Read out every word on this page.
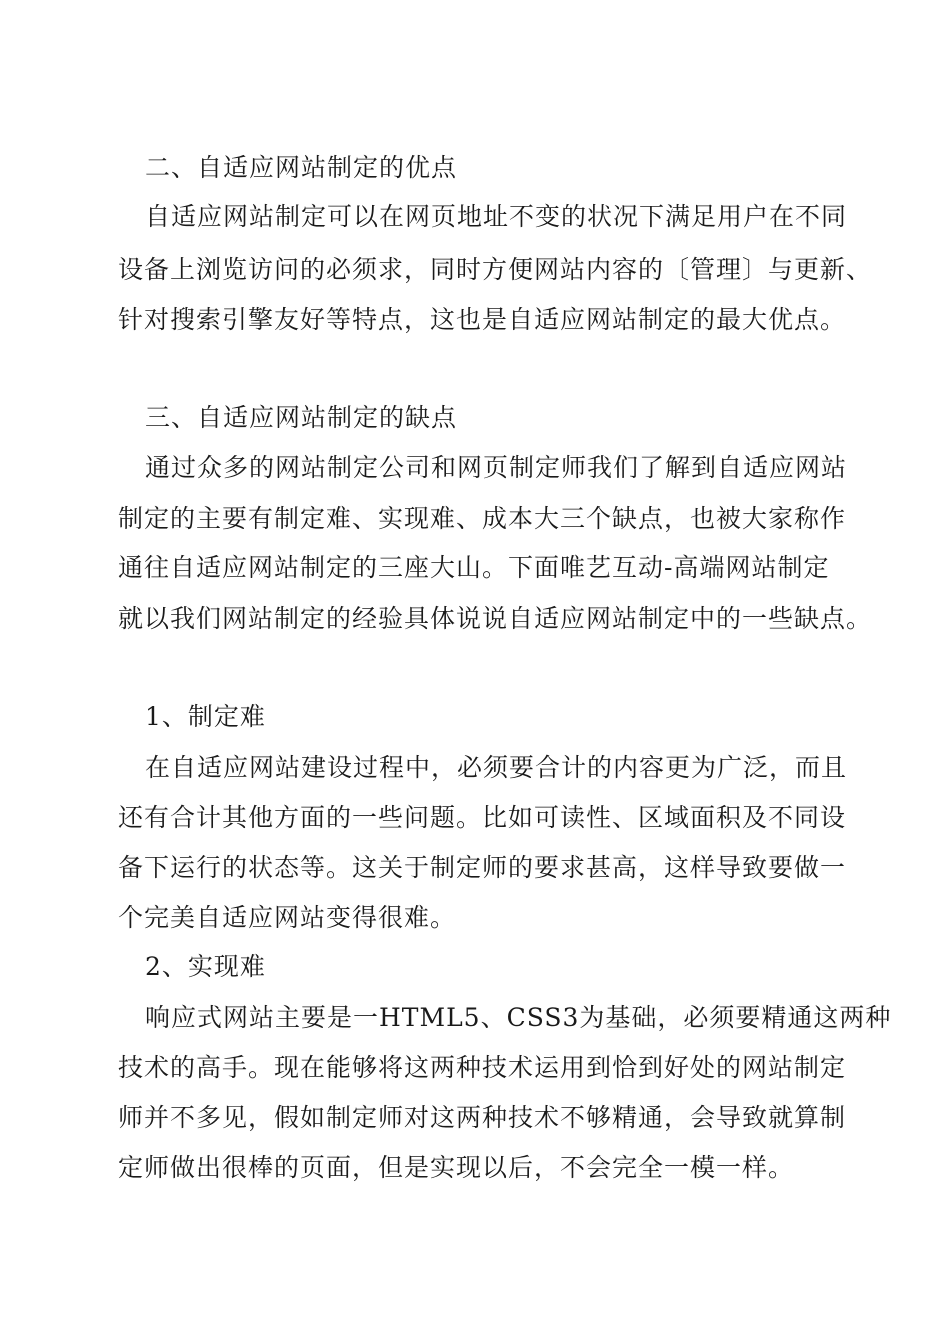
二、自适应网站制定的优点
自适应网站制定可以在网页地址不变的状况下满足用户在不同
设备上浏览访问的必须求，同时方便网站内容的〔管理〕与更新、
针对搜索引擎友好等特点，这也是自适应网站制定的最大优点。
三、自适应网站制定的缺点
通过众多的网站制定公司和网页制定师我们了解到自适应网站
制定的主要有制定难、实现难、成本大三个缺点，也被大家称作
通往自适应网站制定的三座大山。下面唯艺互动-高端网站制定
就以我们网站制定的经验具体说说自适应网站制定中的一些缺点。
1、制定难
在自适应网站建设过程中，必须要合计的内容更为广泛，而且
还有合计其他方面的一些问题。比如可读性、区域面积及不同设
备下运行的状态等。这关于制定师的要求甚高，这样导致要做一
个完美自适应网站变得很难。
2、实现难
响应式网站主要是一HTML5、CSS3为基础，必须要精通这两种
技术的高手。现在能够将这两种技术运用到恰到好处的网站制定
师并不多见，假如制定师对这两种技术不够精通，会导致就算制
定师做出很棒的页面，但是实现以后，不会完全一模一样。
